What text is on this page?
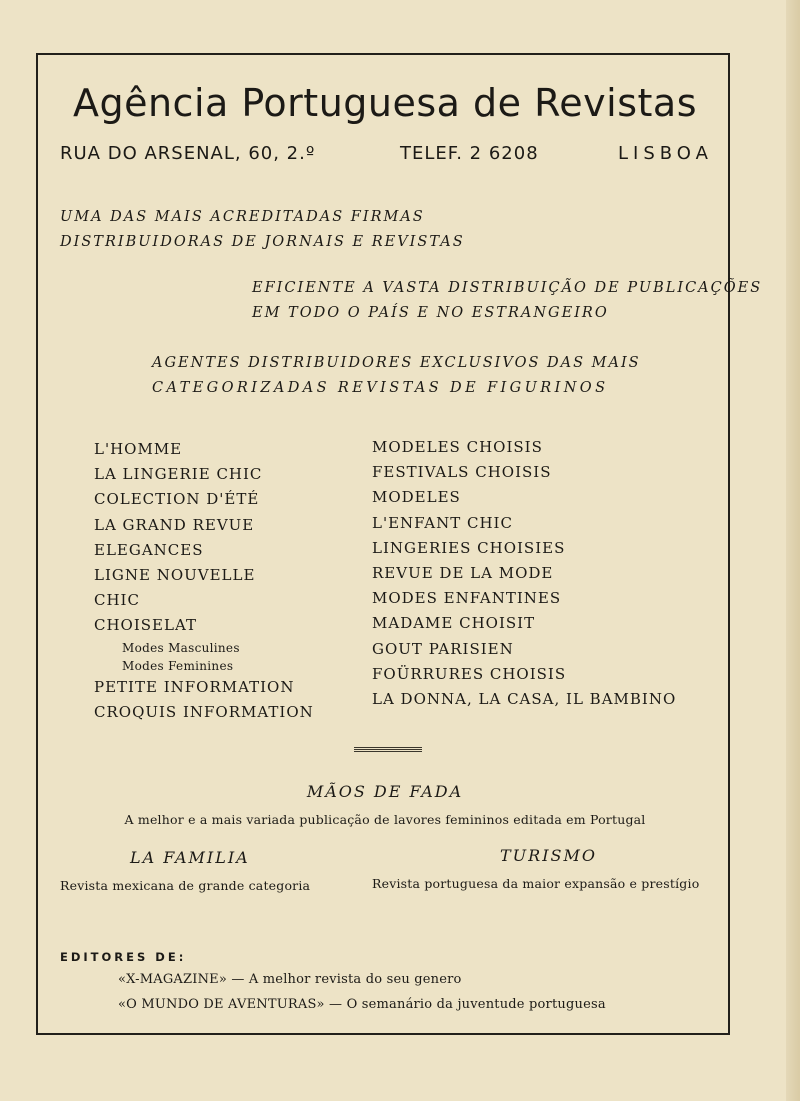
Agência Portuguesa de Revistas
RUA DO ARSENAL, 60, 2.º	TELEF. 2 6208	LISBOA
UMA DAS MAIS ACREDITADAS FIRMAS
DISTRIBUIDORAS DE JORNAIS E REVISTAS
EFICIENTE A VASTA DISTRIBUIÇÃO DE PUBLICAÇÕES
EM TODO O PAÍS E NO ESTRANGEIRO
AGENTES DISTRIBUIDORES EXCLUSIVOS DAS MAIS
CATEGORIZADAS REVISTAS DE FIGURINOS
L'HOMME
LA LINGERIE CHIC
COLECTION D'ÉTÉ
LA GRAND REVUE
ELEGANCES
LIGNE NOUVELLE
CHIC
CHOISELAT
Modes Masculines
Modes Feminines
PETITE INFORMATION
CROQUIS INFORMATION
MODELES CHOISIS
FESTIVALS CHOISIS
MODELES
L'ENFANT CHIC
LINGERIES CHOISIES
REVUE DE LA MODE
MODES ENFANTINES
MADAME CHOISIT
GOUT PARISIEN
FOÜRRURES CHOISIS
LA DONNA, LA CASA, IL BAMBINO
MÃOS DE FADA
A melhor e a mais variada publicação de lavores femininos editada em Portugal
LA FAMILIA
Revista mexicana de grande categoria
TURISMO
Revista portuguesa da maior expansão e prestígio
EDITORES DE:
«X-MAGAZINE» — A melhor revista do seu genero
«O MUNDO DE AVENTURAS» — O semanário da juventude portuguesa
